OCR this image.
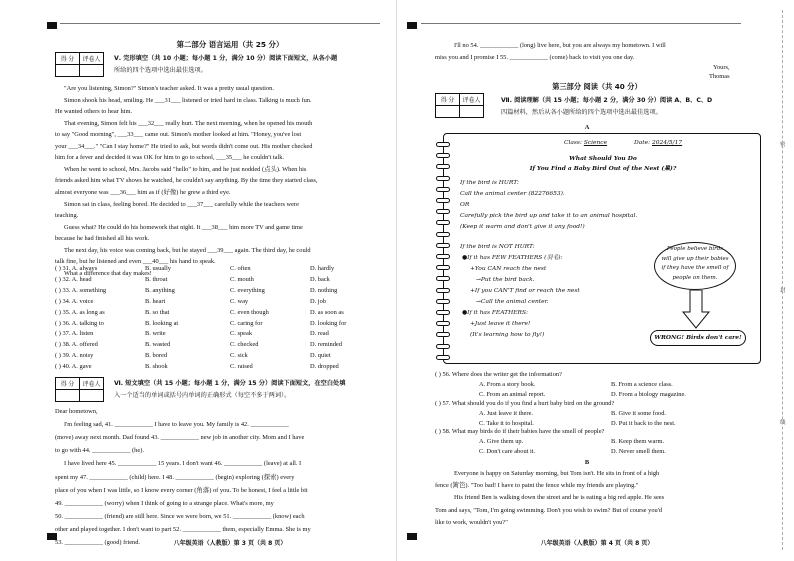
第二部分 语言运用（共 25 分）
得 分	评卷人
	Ⅴ. 完形填空（共 10 小题；每小题 1 分，满分 10 分）阅读下面短文，从各小题
所给的四个选项中选出最佳选项。
"Are you listening, Simon?" Simon's teacher asked. It was a pretty usual question.
Simon shook his head, smiling. He ___31___ listened or tried hard in class. Talking is much fun.
He wanted others to hear him.
That evening, Simon felt his ___32___ really hurt. The next morning, when he opened his mouth
to say "Good morning", ___33___ came out. Simon's mother looked at him. "Honey, you've lost
your ___34___." "Can I stay home?" He tried to ask, but words didn't come out. His mother checked
him for a fever and decided it was OK for him to go to school, ___35___ he couldn't talk.
When he went to school, Mrs. Jacobs said "hello" to him, and he just nodded (点头). When his
friends asked him what TV shows he watched, he couldn't say anything. By the time they started class,
almost everyone was ___36___ him as if (好像) he grew a third eye.
Simon sat in class, feeling bored. He decided to ___37___ carefully while the teachers were
teaching.
Guess what? He could do his homework that night. It ___38___ him more TV and game time
because he had finished all his work.
The next day, his voice was coming back, but he stayed ___39___ again. The third day, he could
talk fine, but he listened and even ___40___ his hand to speak.
What a difference that day makes!
( ) 31. A. always	B. usually	C. often	D. hardly
( ) 32. A. head	B. throat	C. mouth	D. back
( ) 33. A. something	B. anything	C. everything	D. nothing
( ) 34. A. voice	B. heart	C. way	D. job
( ) 35. A. as long as	B. so that	C. even though	D. as soon as
( ) 36. A. talking to	B. looking at	C. caring for	D. looking for
( ) 37. A. listen	B. write	C. speak	D. read
( ) 38. A. offered	B. wasted	C. checked	D. reminded
( ) 39. A. noisy	B. bored	C. sick	D. quiet
( ) 40. A. gave	B. shook	C. raised	D. dropped
得 分	评卷人
	Ⅵ. 短文填空（共 15 小题；每小题 1 分，满分 15 分）阅读下面短文，在空白处填
入一个适当的单词或括号内单词的正确形式（每空不多于两词）。
Dear hometown,
I'm feeling sad, 41. ____________ I have to leave you. My family is 42. ____________
(move) away next month. Dad found 43. ____________ new job in another city. Mom and I have
to go with 44. ____________ (he).
I have lived here 45. ____________ 15 years. I don't want 46. ____________ (leave) at all. I
spent my 47. ____________ (child) here. I 48. ____________ (begin) exploring (探索) every
place of you when I was little, so I know every corner (角落) of you. To be honest, I feel a little bit
49. ____________ (worry) when I think of going to a strange place. What's more, my
50. ____________ (friend) are still here. Since we were born, we 51. ____________ (know) each
other and played together. I don't want to part 52. ____________ them, especially Emma. She is my
53. ____________ (good) friend.	八年级英语（人教版）第 3 页（共 8 页）
I'll no 54. ____________ (long) live here, but you are always my hometown. I will
miss you and I promise I 55. ____________ (come) back to visit you one day.
Yours,
Thomas
第三部分 阅读（共 40 分）
得 分	评卷人
		Ⅶ. 阅读理解（共 15 小题；每小题 2 分，满分 30 分）阅读 A、B、C、D
四篇材料，然后从各小题所给的四个选项中选出最佳选项。
A
Class: Science	Date: 2024/5/17
What Should You Do
If You Find a Baby Bird Out of the Nest (巢)?
If the bird is HURT:
Call the animal center (82276653).
OR
Carefully pick the bird up and take it to an animal hospital.
(Keep it warm and don't give it any food!)
If the bird is NOT HURT:
●If it has FEW FEATHERS (羽毛):
+You CAN reach the nest
→Put the bird back.
+If you CAN'T find or reach the nest
→Call the animal center.
●If it has FEATHERS:
+Just leave it there!
(It's learning how to fly!)
People believe birds
will give up their babies
if they have the smell of
people on them.
WRONG! Birds don't care!
( ) 56. Where does the writer get the information?
A. From a story book.	B. From a science class.
C. From an animal report.	D. From a biology magazine.
( ) 57. What should you do if you find a hurt baby bird on the ground?
A. Just leave it there.	B. Give it some food.
C. Take it to hospital.	D. Put it back to the nest.
( ) 58. What may birds do if their babies have the smell of people?
A. Give them up.	B. Keep them warm.
C. Don't care about it.	D. Never smell them.
B
Everyone is happy on Saturday morning, but Tom isn't. He sits in front of a high
fence (篱笆). "Too bad! I have to paint the fence while my friends are playing."
His friend Ben is walking down the street and he is eating a big red apple. He sees
Tom and says, "Tom, I'm going swimming. Don't you wish to swim? But of course you'd
like to work, wouldn't you?"
八年级英语（人教版）第 4 页（共 8 页）
密
封
线
